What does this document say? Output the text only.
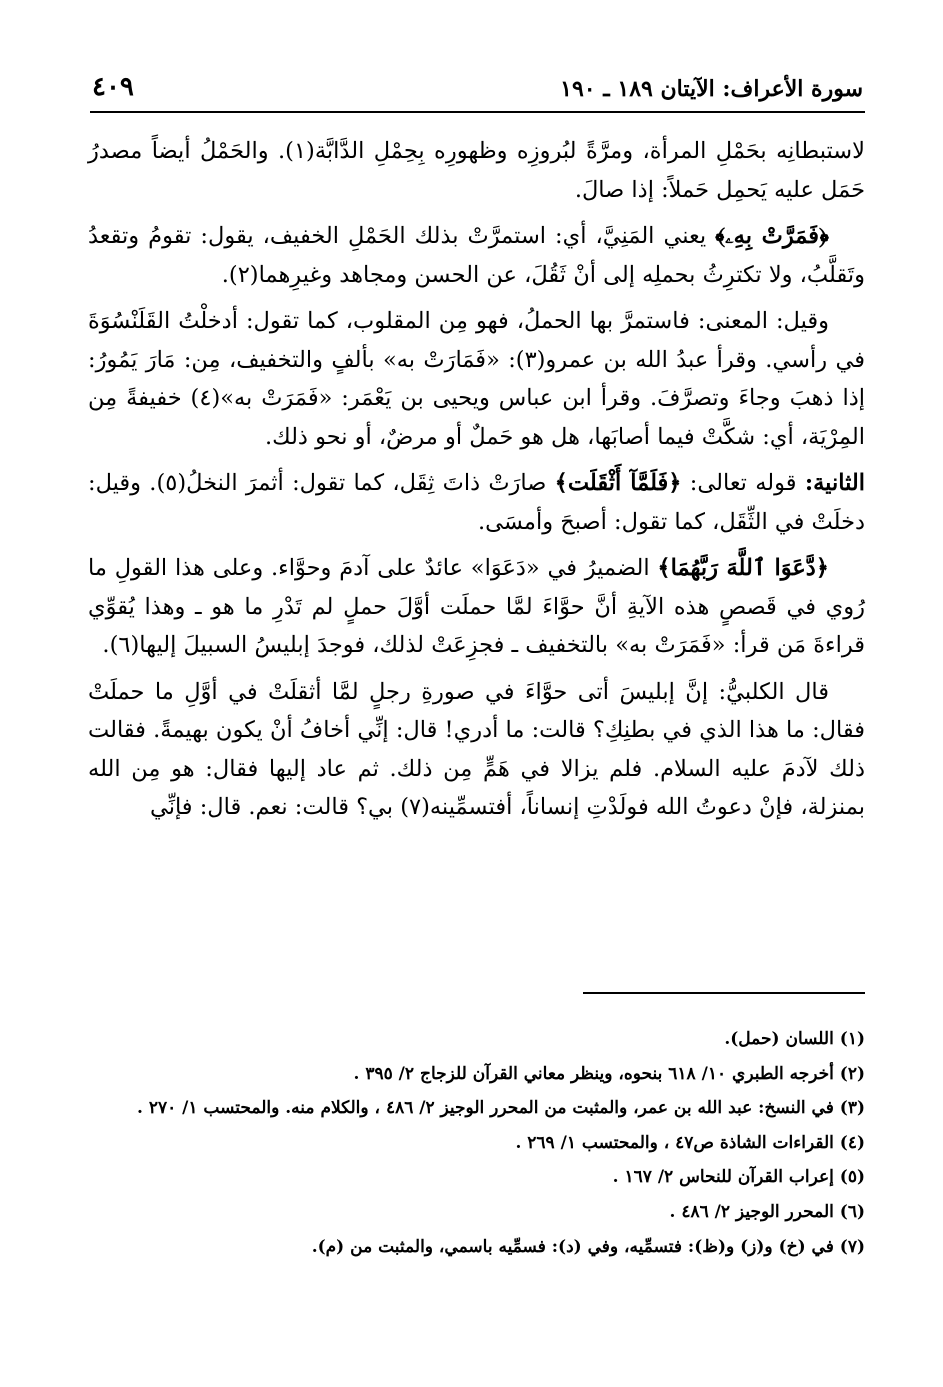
سورة الأعراف: الآيتان ١٨٩ ـ ١٩٠
٤٠٩

لاستبطانِه بحَمْلِ المرأة، ومرَّةً لبُروزِه وظهورِه بِحِمْلِ الدَّابَّة(١). والحَمْلُ أيضاً مصدرُ حَمَل عليه يَحمِل حَملاً: إذا صالَ.

﴿فَمَرَّتْ بِهِۦ﴾ يعني المَنِيَّ، أي: استمرَّتْ بذلك الحَمْلِ الخفيف، يقول: تقومُ وتقعدُ وتَقلَّبُ، ولا تكترِثُ بحملِه إلى أنْ ثَقُلَ، عن الحسن ومجاهد وغيرِهما(٢).

وقيل: المعنى: فاستمرَّ بها الحملُ، فهو مِن المقلوب، كما تقول: أدخلْتُ القَلَنْسُوَةَ في رأسي. وقرأ عبدُ الله بن عمرو(٣): «فَمَارَتْ به» بألفٍ والتخفيف، مِن: مَارَ يَمُورُ: إذا ذهبَ وجاءَ وتصرَّفَ. وقرأ ابن عباس ويحيى بن يَعْمَر: «فَمَرَتْ به»(٤) خفيفةً مِن المِرْيَة، أي: شكَّتْ فيما أصابَها، هل هو حَملٌ أو مرضٌ، أو نحو ذلك.

الثانية: قوله تعالى: ﴿فَلَمَّآ أَثْقَلَت﴾ صارَتْ ذاتَ ثِقَل، كما تقول: أثمرَ النخلُ(٥). وقيل: دخلَتْ في الثِّقَل، كما تقول: أصبحَ وأمسَى.

﴿دَّعَوَا ٱللَّهَ رَبَّهُمَا﴾ الضميرُ في «دَعَوَا» عائدٌ على آدمَ وحوَّاء. وعلى هذا القولِ ما رُوي في قَصصٍ هذه الآيةِ أنَّ حوَّاءَ لمَّا حملَت أوَّلَ حملٍ لم تَدْرِ ما هو ـ وهذا يُقوِّي قراءةَ مَن قرأ: «فَمَرَتْ به» بالتخفيف ـ فجزِعَتْ لذلك، فوجدَ إبليسُ السبيلَ إليها(٦).

قال الكلبيُّ: إنَّ إبليسَ أتى حوَّاءَ في صورةِ رجلٍ لمَّا أثقلَتْ في أوَّلِ ما حملَتْ فقال: ما هذا الذي في بطنِكِ؟ قالت: ما أدري! قال: إنِّي أخافُ أنْ يكون بهيمةً. فقالت ذلك لآدمَ عليه السلام. فلم يزالا في هَمٍّ مِن ذلك. ثم عاد إليها فقال: هو مِن الله بمنزلة، فإنْ دعوتُ الله فولَدْتِ إنساناً، أفتسمِّينه(٧) بي؟ قالت: نعم. قال: فإنِّي

(١) اللسان (حمل).
(٢) أخرجه الطبري ١٠/ ٦١٨ بنحوه، وينظر معاني القرآن للزجاج ٢/ ٣٩٥ .
(٣) في النسخ: عبد الله بن عمر، والمثبت من المحرر الوجيز ٢/ ٤٨٦ ، والكلام منه. والمحتسب ١/ ٢٧٠ .
(٤) القراءات الشاذة ص٤٧ ، والمحتسب ١/ ٢٦٩ .
(٥) إعراب القرآن للنحاس ٢/ ١٦٧ .
(٦) المحرر الوجيز ٢/ ٤٨٦ .
(٧) في (خ) و(ز) و(ظ): فتسمِّيه، وفي (د): فسمِّيه باسمي، والمثبت من (م).
